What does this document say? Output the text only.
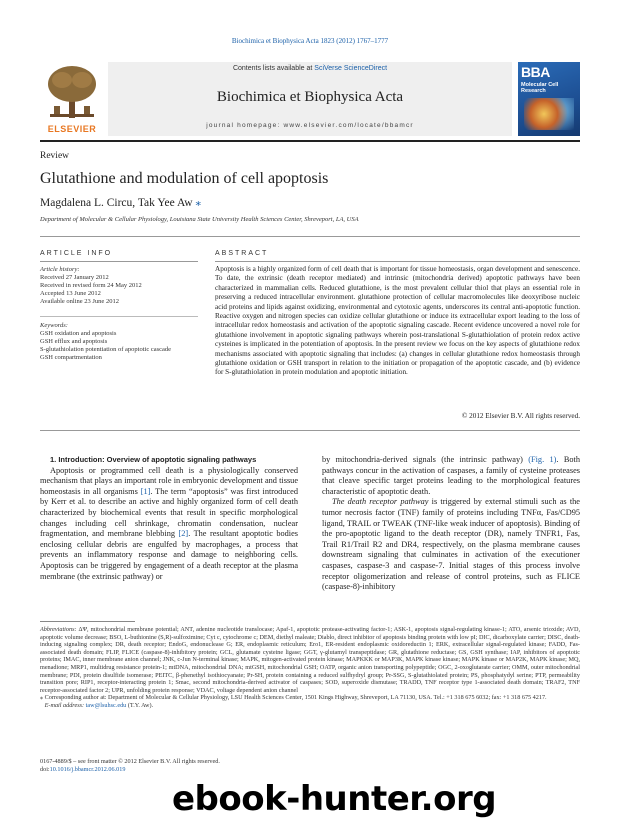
Biochimica et Biophysica Acta 1823 (2012) 1767–1777
ELSEVIER
Contents lists available at SciVerse ScienceDirect
Biochimica et Biophysica Acta
journal homepage: www.elsevier.com/locate/bbamcr
BBA
Molecular Cell Research
Review
Glutathione and modulation of cell apoptosis
Magdalena L. Circu, Tak Yee Aw ⁎
Department of Molecular & Cellular Physiology, Louisiana State University Health Sciences Center, Shreveport, LA, USA
ARTICLE INFO	ABSTRACT
Article history:
Received 27 January 2012
Received in revised form 24 May 2012
Accepted 13 June 2012
Available online 23 June 2012
Keywords:
GSH oxidation and apoptosis
GSH efflux and apoptosis
S-glutathiolation potentiation of apoptotic cascade
GSH compartmentation
Apoptosis is a highly organized form of cell death that is important for tissue homeostasis, organ development and senescence. To date, the extrinsic (death receptor mediated) and intrinsic (mitochondria derived) apoptotic pathways have been characterized in mammalian cells. Reduced glutathione, is the most prevalent cellular thiol that plays an essential role in preserving a reduced intracellular environment. glutathione protection of cellular macromolecules like deoxyribose nucleic acid proteins and lipids against oxidizing, environmental and cytotoxic agents, underscores its central anti-apoptotic function. Reactive oxygen and nitrogen species can oxidize cellular glutathione or induce its extracellular export leading to the loss of intracellular redox homeostasis and activation of the apoptotic signaling cascade. Recent evidence uncovered a novel role for glutathione involvement in apoptotic signaling pathways wherein post-translational S-glutathiolation of protein redox active cysteines is implicated in the potentiation of apoptosis. In the present review we focus on the key aspects of glutathione redox mechanisms associated with apoptotic signaling that includes: (a) changes in cellular glutathione redox homeostasis through glutathione oxidation or GSH transport in relation to the initiation or propagation of the apoptotic cascade, and (b) evidence for S-glutathiolation in protein modulation and apoptotic initiation.
© 2012 Elsevier B.V. All rights reserved.

1. Introduction: Overview of apoptotic signaling pathways

Apoptosis or programmed cell death is a physiologically conserved mechanism that plays an important role in embryonic development and tissue homeostasis in all organisms [1]. The term “apoptosis” was first introduced by Kerr et al. to describe an active and highly organized form of cell death characterized by biochemical events that result in specific morphological changes including cell shrinkage, chromatin condensation, nuclear fragmentation, and membrane blebbing [2]. The resultant apoptotic bodies enclosing cellular debris are engulfed by macrophages, a process that prevents an inflammatory response and damage to neighboring cells. Apoptosis can be triggered by engagement of a death receptor at the plasma membrane (the extrinsic pathway) or

by mitochondria-derived signals (the intrinsic pathway) (Fig. 1). Both pathways concur in the activation of caspases, a family of cysteine proteases that cleave specific target proteins leading to the morphological features characteristic of apoptotic death.

The death receptor pathway is triggered by external stimuli such as the tumor necrosis factor (TNF) family of proteins including TNFα, Fas/CD95 ligand, TRAIL or TWEAK (TNF-like weak inducer of apoptosis). Binding of the pro-apoptotic ligand to the death receptor (DR), namely TNFR1, Fas, Trail R1/Trail R2 and DR4, respectively, on the plasma membrane causes downstream signaling that culminates in activation of the executioner caspases, caspase-3 and caspase-7. Initial stages of this process involve receptor oligomerization and release of control proteins, such as FLICE (caspase-8)-inhibitory

Abbreviations: ΔΨ, mitochondrial membrane potential; ANT, adenine nucleotide translocase; Apaf-1, apoptotic protease-activating factor-1; ASK-1, apoptosis signal-regulating kinase-1; ATO, arsenic trioxide; AVD, apoptotic volume decrease; BSO, L-buthionine (S,R)-sulfoximine; Cyt c, cytochrome c; DEM, diethyl maleate; Diablo, direct inhibitor of apoptosis binding protein with low pI; DIC, dicarboxylate carrier; DISC, death-inducing signaling complex; DR, death receptor; EndoG, endonuclease G; ER, endoplasmic reticulum; Ero1, ER-resident endoplasmic oxidoreductin 1; ERK, extracellular signal-regulated kinase; FADD, Fas-associated death domain; FLIP, FLICE (caspase-8)-inhibitory protein; GCL, glutamate cysteine ligase; GGT, γ-glutamyl transpeptidase; GR, glutathione reductase; GS, GSH synthase; IAP, inhibitors of apoptotic proteins; IMAC, inner membrane anion channel; JNK, c-Jun N-terminal kinase; MAPK, mitogen-activated protein kinase; MAPKKK or MAP3K, MAPK kinase kinase; MAPK kinase or MAP2K, MAPK kinase; MQ, menadione; MRP1, multidrug resistance protein-1; mtDNA, mitochondrial DNA; mtGSH, mitochondrial GSH; OATP, organic anion transporting polypeptide; OGC, 2-oxoglutarate carrier; OMM, outer mitochondrial membrane; PDI, protein disulfide isomerase; PEITC, β-phenethyl isothiocyanate; Pr-SH, protein containing a reduced sulfhydryl group; Pr-SSG, S-glutathiolated protein; PS, phosphatydyl serine; PTP, permeability transition pore; RIP1, receptor-interacting protein 1; Smac, second mitochondria-derived activator of caspases; SOD, superoxide dismutase; TRADD, TNF receptor type 1-associated death domain; TRAF2, TNF receptor-associated factor 2; UPR, unfolding protein response; VDAC, voltage dependent anion channel

⁎ Corresponding author at: Department of Molecular & Cellular Physiology, LSU Health Sciences Center, 1501 Kings Highway, Shreveport, LA 71130, USA. Tel.: +1 318 675 6032; fax: +1 318 675 4217.

E-mail address: taw@lsuhsc.edu (T.Y. Aw).

0167-4889/$ – see front matter © 2012 Elsevier B.V. All rights reserved.
doi:10.1016/j.bbamcr.2012.06.019
ebook-hunter.org
